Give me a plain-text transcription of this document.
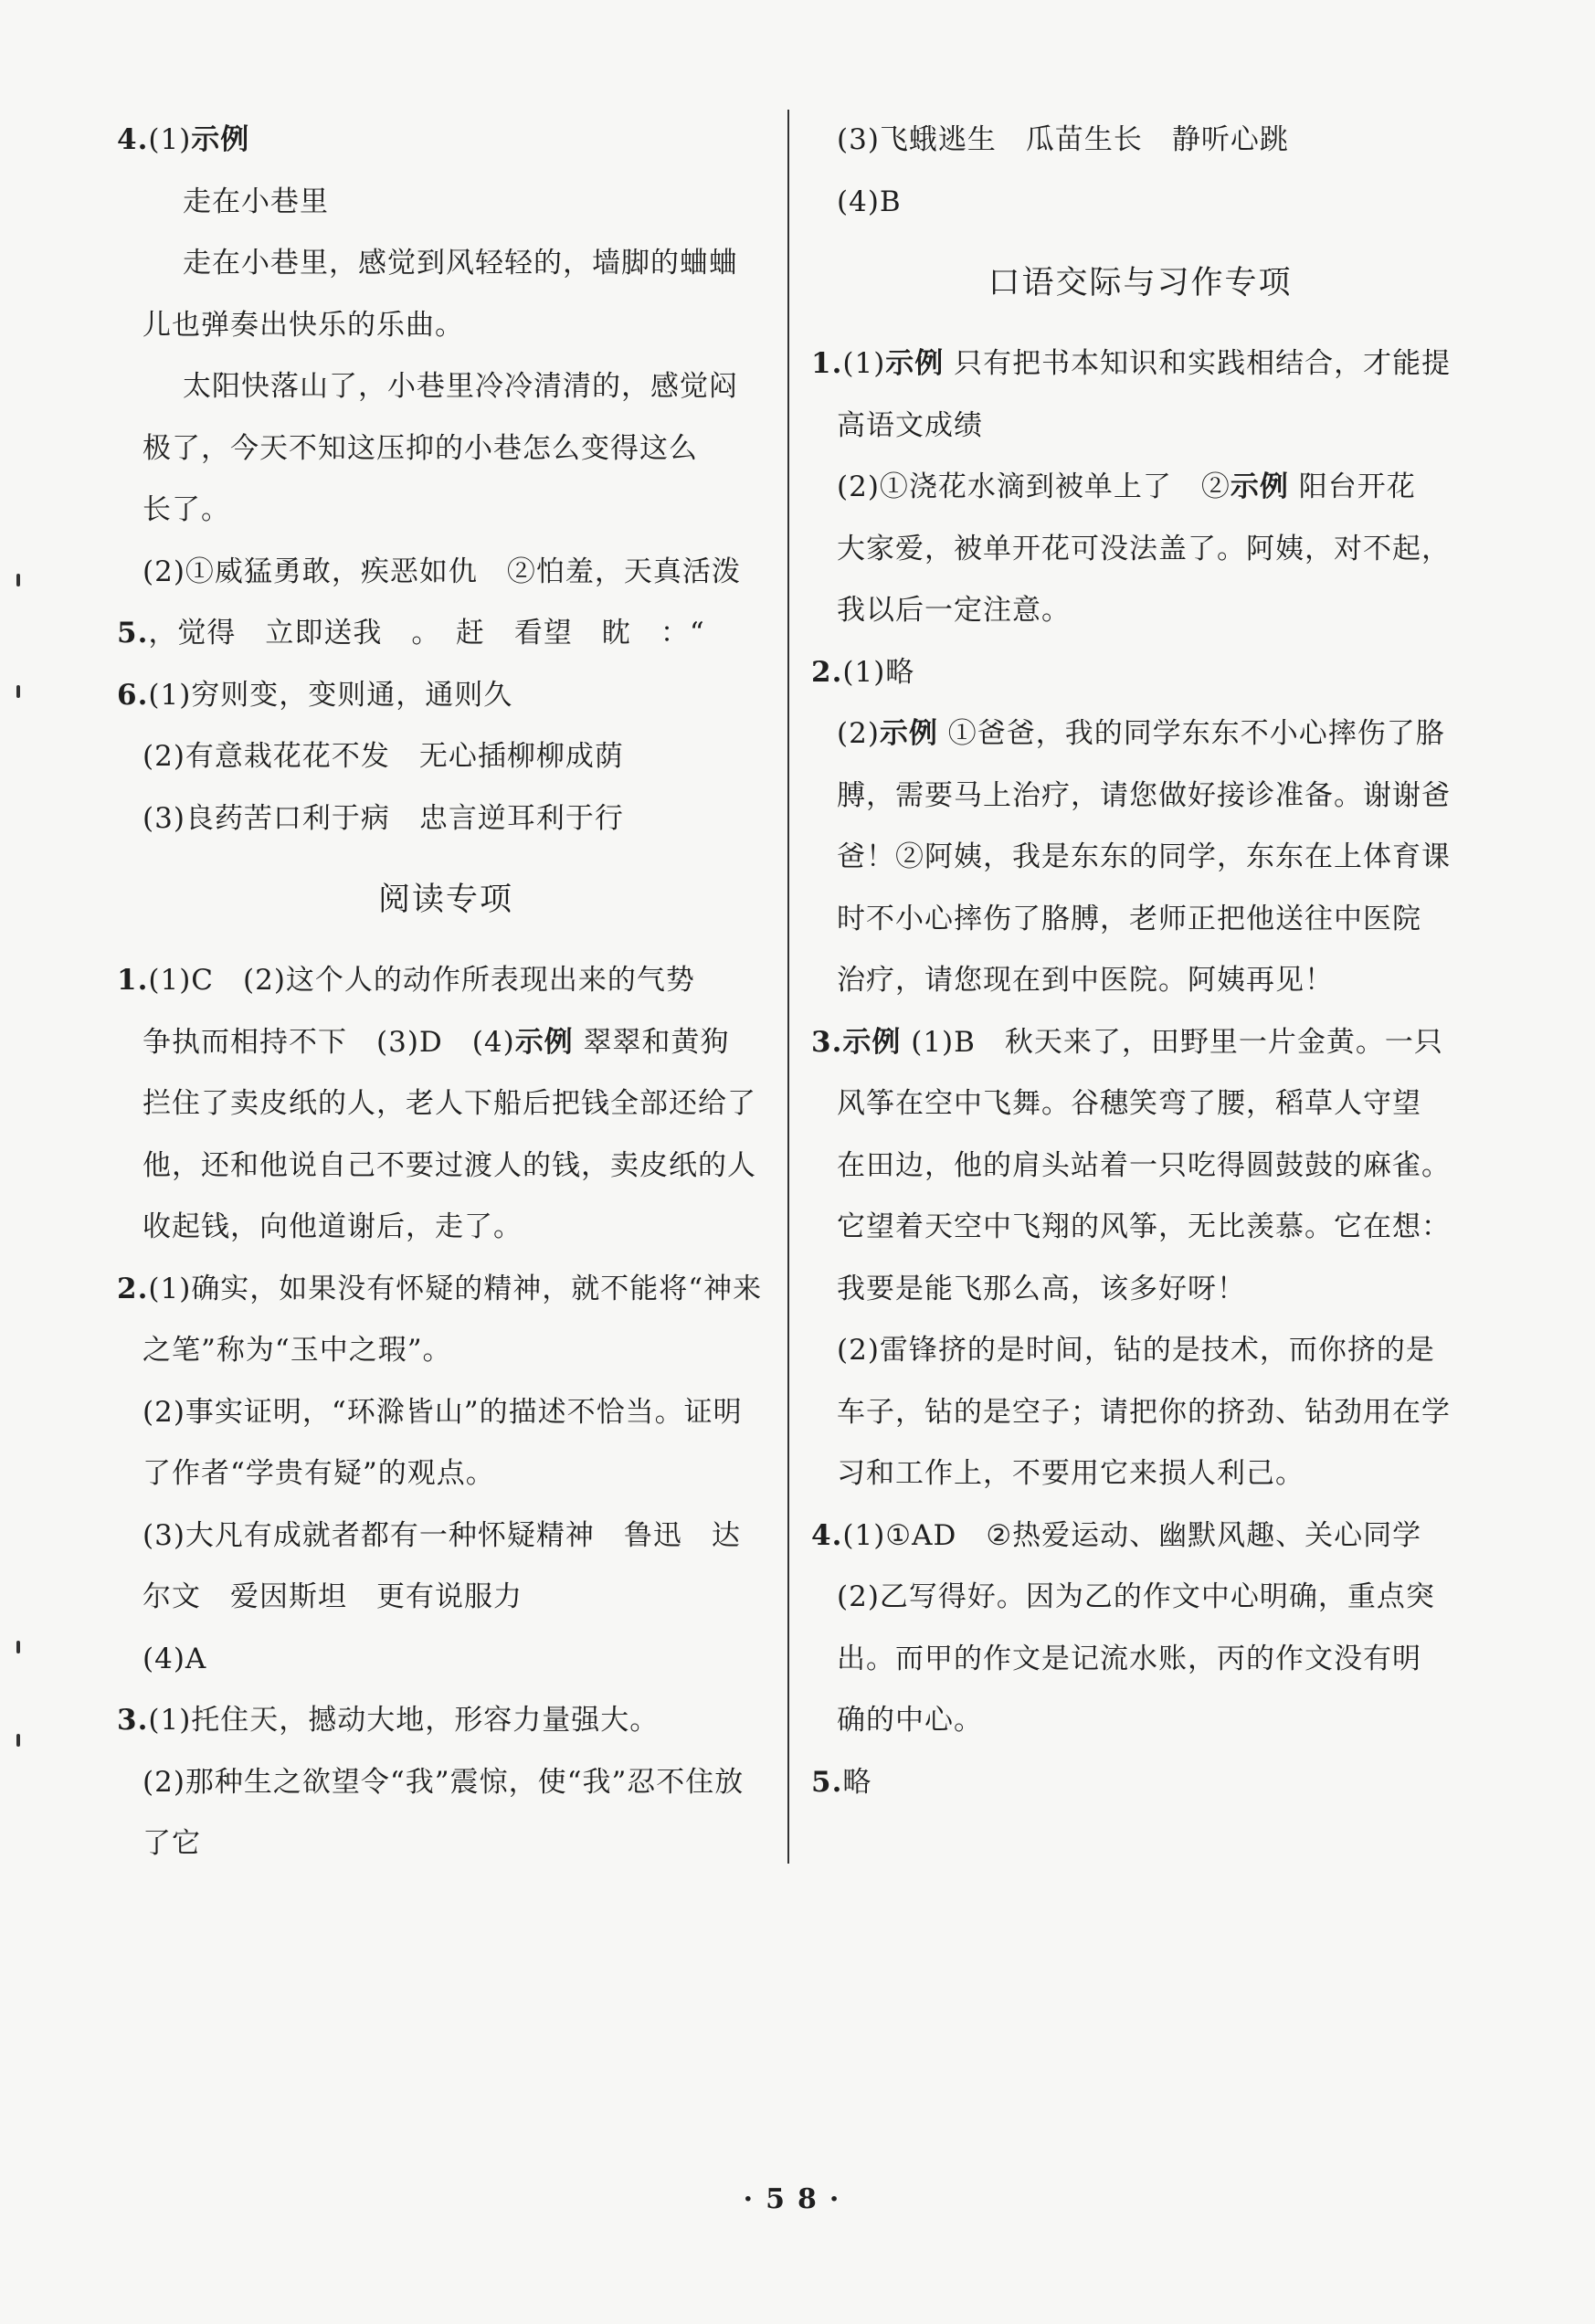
4.(1)示例
走在小巷里
走在小巷里，感觉到风轻轻的，墙脚的蛐蛐
儿也弹奏出快乐的乐曲。
太阳快落山了，小巷里冷冷清清的，感觉闷
极了，今天不知这压抑的小巷怎么变得这么
长了。
(2)①威猛勇敢，疾恶如仇　②怕羞，天真活泼
5.，觉得　立即送我　。　赶　看望　眈　：“
6.(1)穷则变，变则通，通则久
(2)有意栽花花不发　无心插柳柳成荫
(3)良药苦口利于病　忠言逆耳利于行
阅读专项
1.(1)C　(2)这个人的动作所表现出来的气势
争执而相持不下　(3)D　(4)示例 翠翠和黄狗
拦住了卖皮纸的人，老人下船后把钱全部还给了
他，还和他说自己不要过渡人的钱，卖皮纸的人
收起钱，向他道谢后，走了。
2.(1)确实，如果没有怀疑的精神，就不能将“神来
之笔”称为“玉中之瑕”。
(2)事实证明，“环滁皆山”的描述不恰当。证明
了作者“学贵有疑”的观点。
(3)大凡有成就者都有一种怀疑精神　鲁迅　达
尔文　爱因斯坦　更有说服力
(4)A
3.(1)托住天，撼动大地，形容力量强大。
(2)那种生之欲望令“我”震惊，使“我”忍不住放
了它
(3)飞蛾逃生　瓜苗生长　静听心跳
(4)B
口语交际与习作专项
1.(1)示例 只有把书本知识和实践相结合，才能提
高语文成绩
(2)①浇花水滴到被单上了　②示例 阳台开花
大家爱，被单开花可没法盖了。阿姨，对不起，
我以后一定注意。
2.(1)略
(2)示例 ①爸爸，我的同学东东不小心摔伤了胳
膊，需要马上治疗，请您做好接诊准备。谢谢爸
爸！②阿姨，我是东东的同学，东东在上体育课
时不小心摔伤了胳膊，老师正把他送往中医院
治疗，请您现在到中医院。阿姨再见！
3.示例 (1)B　秋天来了，田野里一片金黄。一只
风筝在空中飞舞。谷穗笑弯了腰，稻草人守望
在田边，他的肩头站着一只吃得圆鼓鼓的麻雀。
它望着天空中飞翔的风筝，无比羡慕。它在想：
我要是能飞那么高，该多好呀！
(2)雷锋挤的是时间，钻的是技术，而你挤的是
车子，钻的是空子；请把你的挤劲、钻劲用在学
习和工作上，不要用它来损人利己。
4.(1)①AD　②热爱运动、幽默风趣、关心同学
(2)乙写得好。因为乙的作文中心明确，重点突
出。而甲的作文是记流水账，丙的作文没有明
确的中心。
5.略
·58·
